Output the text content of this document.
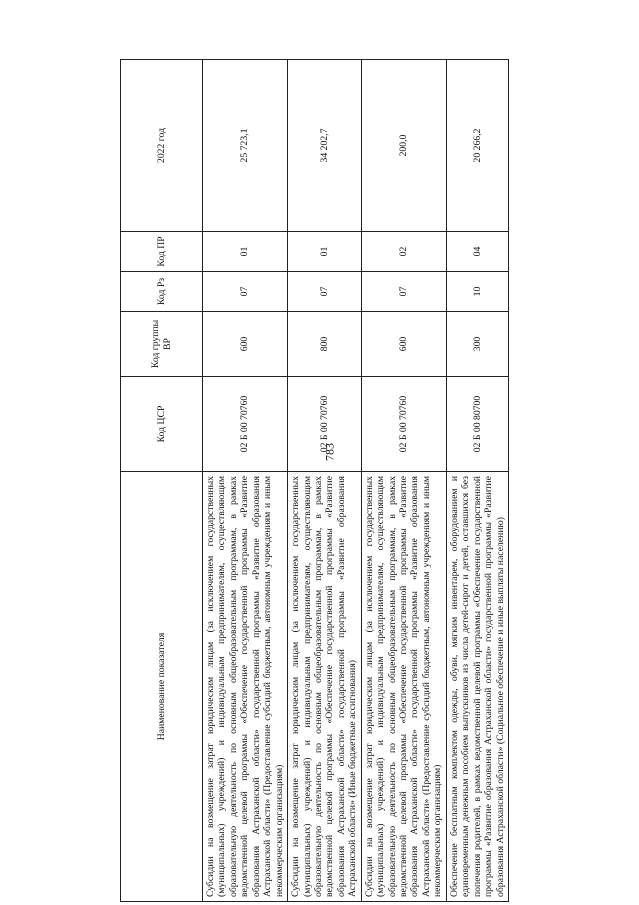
783
Наименование показателя	Код ЦСР	Код группы ВР	Код Рз	Код ПР	2022 год
Субсидии на возмещение затрат юридическим лицам (за исключением государственных (муниципальных) учреждений) и индивидуальным предпринимателям, осуществляющим образовательную деятельность по основным общеобразовательным программам, в рамках ведомственной целевой программы «Обеспечение государственной программы «Развитие образования Астраханской области» государственной программы «Развитие образования Астраханской области» (Предоставление субсидий бюджетным, автономным учреждениям и иным некоммерческим организациям)	02 Б 00 70760	600	07	01	25 723,1
Субсидии на возмещение затрат юридическим лицам (за исключением государственных (муниципальных) учреждений) и индивидуальным предпринимателям, осуществляющим образовательную деятельность по основным общеобразовательным программам, в рамках ведомственной целевой программы «Обеспечение государственной программы «Развитие образования Астраханской области» государственной программы «Развитие образования Астраханской области» (Иные бюджетные ассигнования)	02 Б 00 70760	800	07	01	34 202,7
Субсидии на возмещение затрат юридическим лицам (за исключением государственных (муниципальных) учреждений) и индивидуальным предпринимателям, осуществляющим образовательную деятельность по основным общеобразовательным программам, в рамках ведомственной целевой программы «Обеспечение государственной программы «Развитие образования Астраханской области» государственной программы «Развитие образования Астраханской области» (Предоставление субсидий бюджетным, автономным учреждениям и иным некоммерческим организациям)	02 Б 00 70760	600	07	02	200,0
Обеспечение бесплатным комплектом одежды, обуви, мягким инвентарем, оборудованием и единовременным денежным пособием выпускников из числа детей-сирот и детей, оставшихся без попечения родителей, в рамках ведомственной целевой программы «Обеспечение государственной программы «Развитие образования Астраханской области» государственной программы «Развитие образования Астраханской области» (Социальное обеспечение и иные выплаты населению)	02 Б 00 80700	300	10	04	20 266,2
